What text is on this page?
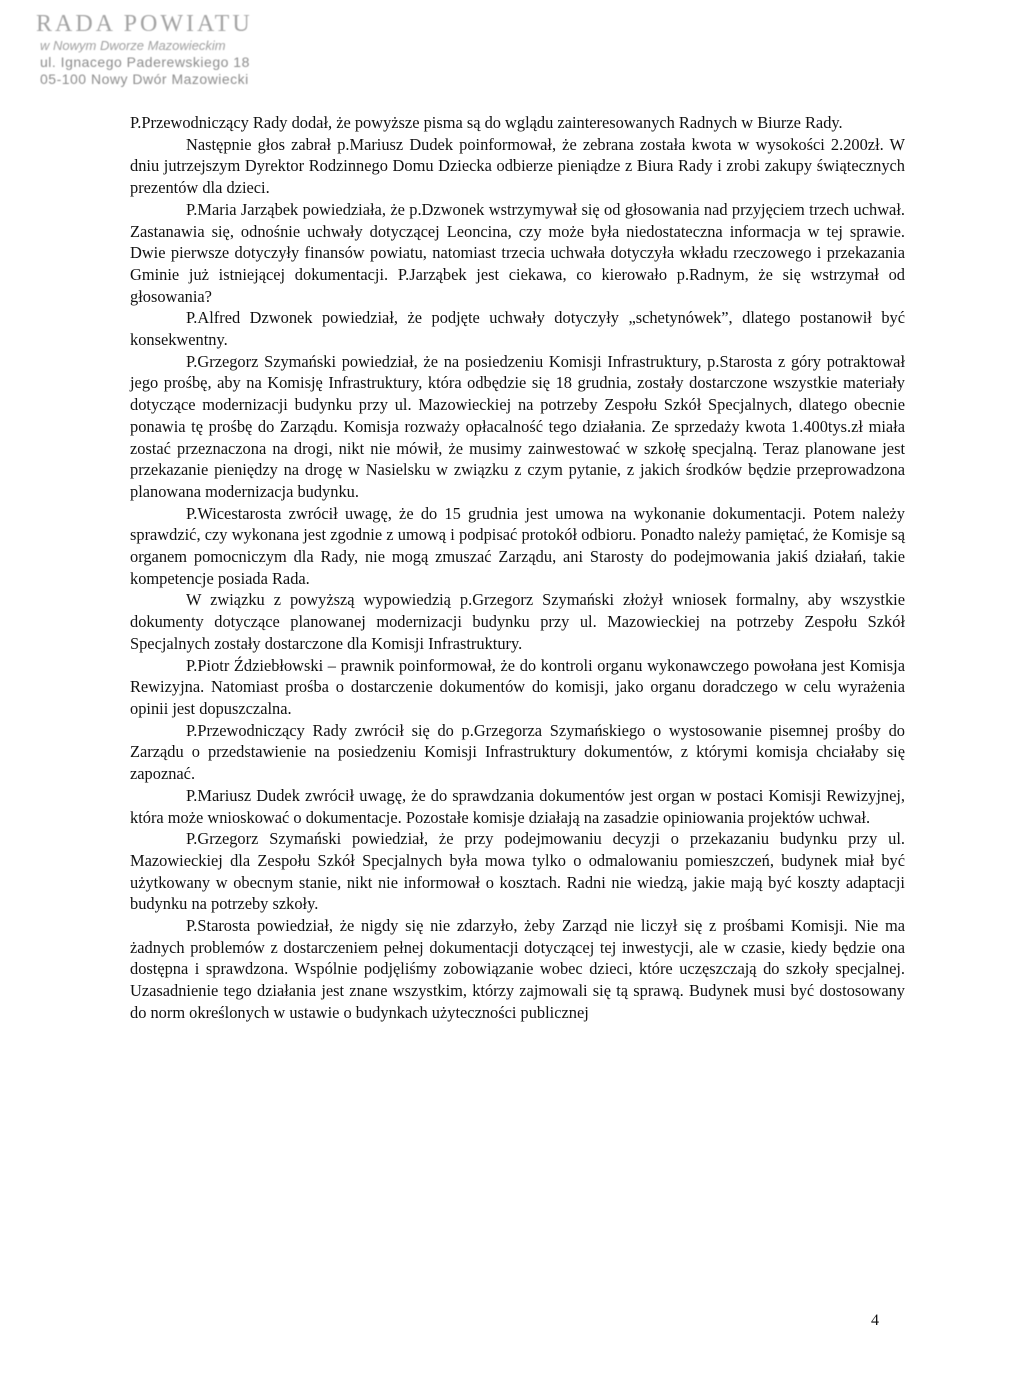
RADA POWIATU
w Nowym Dworze Mazowieckim
ul. Ignacego Paderewskiego 18
05-100 Nowy Dwór Mazowiecki

P.Przewodniczący Rady dodał, że powyższe pisma są do wglądu zainteresowanych Radnych w Biurze Rady.

Następnie głos zabrał p.Mariusz Dudek poinformował, że zebrana została kwota w wysokości 2.200zł. W dniu jutrzejszym Dyrektor Rodzinnego Domu Dziecka odbierze pieniądze z Biura Rady i zrobi zakupy świątecznych prezentów dla dzieci.

P.Maria Jarząbek powiedziała, że p.Dzwonek wstrzymywał się od głosowania nad przyjęciem trzech uchwał. Zastanawia się, odnośnie uchwały dotyczącej Leoncina, czy może była niedostateczna informacja w tej sprawie. Dwie pierwsze dotyczyły finansów powiatu, natomiast trzecia uchwała dotyczyła wkładu rzeczowego i przekazania Gminie już istniejącej dokumentacji. P.Jarząbek jest ciekawa, co kierowało p.Radnym, że się wstrzymał od głosowania?

P.Alfred Dzwonek powiedział, że podjęte uchwały dotyczyły „schetynówek”, dlatego postanowił być konsekwentny.

P.Grzegorz Szymański powiedział, że na posiedzeniu Komisji Infrastruktury, p.Starosta z góry potraktował jego prośbę, aby na Komisję Infrastruktury, która odbędzie się 18 grudnia, zostały dostarczone wszystkie materiały dotyczące modernizacji budynku przy ul. Mazowieckiej na potrzeby Zespołu Szkół Specjalnych, dlatego obecnie ponawia tę prośbę do Zarządu. Komisja rozważy opłacalność tego działania. Ze sprzedaży kwota 1.400tys.zł miała zostać przeznaczona na drogi, nikt nie mówił, że musimy zainwestować w szkołę specjalną. Teraz planowane jest przekazanie pieniędzy na drogę w Nasielsku w związku z czym pytanie, z jakich środków będzie przeprowadzona planowana modernizacja budynku.

P.Wicestarosta zwrócił uwagę, że do 15 grudnia jest umowa na wykonanie dokumentacji. Potem należy sprawdzić, czy wykonana jest zgodnie z umową i podpisać protokół odbioru. Ponadto należy pamiętać, że Komisje są organem pomocniczym dla Rady, nie mogą zmuszać Zarządu, ani Starosty do podejmowania jakiś działań, takie kompetencje posiada Rada.

W związku z powyższą wypowiedzią p.Grzegorz Szymański złożył wniosek formalny, aby wszystkie dokumenty dotyczące planowanej modernizacji budynku przy ul. Mazowieckiej na potrzeby Zespołu Szkół Specjalnych zostały dostarczone dla Komisji Infrastruktury.

P.Piotr Ździebłowski – prawnik poinformował, że do kontroli organu wykonawczego powołana jest Komisja Rewizyjna. Natomiast prośba o dostarczenie dokumentów do komisji, jako organu doradczego w celu wyrażenia opinii jest dopuszczalna.

P.Przewodniczący Rady zwrócił się do p.Grzegorza Szymańskiego o wystosowanie pisemnej prośby do Zarządu o przedstawienie na posiedzeniu Komisji Infrastruktury dokumentów, z którymi komisja chciałaby się zapoznać.

P.Mariusz Dudek zwrócił uwagę, że do sprawdzania dokumentów jest organ w postaci Komisji Rewizyjnej, która może wnioskować o dokumentacje. Pozostałe komisje działają na zasadzie opiniowania projektów uchwał.

P.Grzegorz Szymański powiedział, że przy podejmowaniu decyzji o przekazaniu budynku przy ul. Mazowieckiej dla Zespołu Szkół Specjalnych była mowa tylko o odmalowaniu pomieszczeń, budynek miał być użytkowany w obecnym stanie, nikt nie informował o kosztach. Radni nie wiedzą, jakie mają być koszty adaptacji budynku na potrzeby szkoły.

P.Starosta powiedział, że nigdy się nie zdarzyło, żeby Zarząd nie liczył się z prośbami Komisji. Nie ma żadnych problemów z dostarczeniem pełnej dokumentacji dotyczącej tej inwestycji, ale w czasie, kiedy będzie ona dostępna i sprawdzona. Wspólnie podjęliśmy zobowiązanie wobec dzieci, które uczęszczają do szkoły specjalnej. Uzasadnienie tego działania jest znane wszystkim, którzy zajmowali się tą sprawą. Budynek musi być dostosowany do norm określonych w ustawie o budynkach użyteczności publicznej

4
